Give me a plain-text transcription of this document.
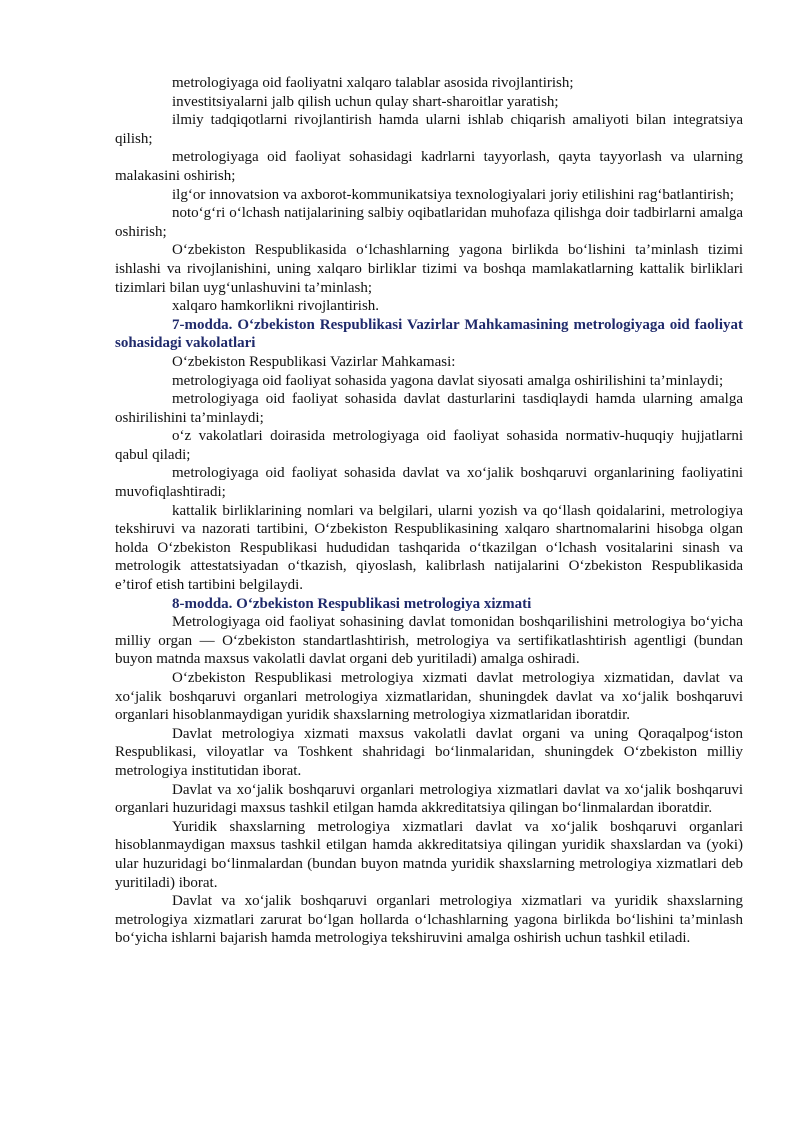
metrologiyaga oid faoliyatni xalqaro talablar asosida rivojlantirish;

investitsiyalarni jalb qilish uchun qulay shart-sharoitlar yaratish;

ilmiy tadqiqotlarni rivojlantirish hamda ularni ishlab chiqarish amaliyoti bilan integratsiya qilish;

metrologiyaga oid faoliyat sohasidagi kadrlarni tayyorlash, qayta tayyorlash va ularning malakasini oshirish;

ilg‘or innovatsion va axborot-kommunikatsiya texnologiyalari joriy etilishini rag‘batlantirish;

noto‘g‘ri o‘lchash natijalarining salbiy oqibatlaridan muhofaza qilishga doir tadbirlarni amalga oshirish;

O‘zbekiston Respublikasida o‘lchashlarning yagona birlikda bo‘lishini ta’minlash tizimi ishlashi va rivojlanishini, uning xalqaro birliklar tizimi va boshqa mamlakatlarning kattalik birliklari tizimlari bilan uyg‘unlashuvini ta’minlash;

xalqaro hamkorlikni rivojlantirish.

7-modda. O‘zbekiston Respublikasi Vazirlar Mahkamasining metrologiyaga oid faoliyat sohasidagi vakolatlari

O‘zbekiston Respublikasi Vazirlar Mahkamasi:

metrologiyaga oid faoliyat sohasida yagona davlat siyosati amalga oshirilishini ta’minlaydi;

metrologiyaga oid faoliyat sohasida davlat dasturlarini tasdiqlaydi hamda ularning amalga oshirilishini ta’minlaydi;

o‘z vakolatlari doirasida metrologiyaga oid faoliyat sohasida normativ-huquqiy hujjatlarni qabul qiladi;

metrologiyaga oid faoliyat sohasida davlat va xo‘jalik boshqaruvi organlarining faoliyatini muvofiqlashtiradi;

kattalik birliklarining nomlari va belgilari, ularni yozish va qo‘llash qoidalarini, metrologiya tekshiruvi va nazorati tartibini, O‘zbekiston Respublikasining xalqaro shartnomalarini hisobga olgan holda O‘zbekiston Respublikasi hududidan tashqarida o‘tkazilgan o‘lchash vositalarini sinash va metrologik attestatsiyadan o‘tkazish, qiyoslash, kalibrlash natijalarini O‘zbekiston Respublikasida e’tirof etish tartibini belgilaydi.

8-modda. O‘zbekiston Respublikasi metrologiya xizmati

Metrologiyaga oid faoliyat sohasining davlat tomonidan boshqarilishini metrologiya bo‘yicha milliy organ — O‘zbekiston standartlashtirish, metrologiya va sertifikatlashtirish agentligi (bundan buyon matnda maxsus vakolatli davlat organi deb yuritiladi) amalga oshiradi.

O‘zbekiston Respublikasi metrologiya xizmati davlat metrologiya xizmatidan, davlat va xo‘jalik boshqaruvi organlari metrologiya xizmatlaridan, shuningdek davlat va xo‘jalik boshqaruvi organlari hisoblanmaydigan yuridik shaxslarning metrologiya xizmatlaridan iboratdir.

Davlat metrologiya xizmati maxsus vakolatli davlat organi va uning Qoraqalpog‘iston Respublikasi, viloyatlar va Toshkent shahridagi bo‘linmalaridan, shuningdek O‘zbekiston milliy metrologiya institutidan iborat.

Davlat va xo‘jalik boshqaruvi organlari metrologiya xizmatlari davlat va xo‘jalik boshqaruvi organlari huzuridagi maxsus tashkil etilgan hamda akkreditatsiya qilingan bo‘linmalardan iboratdir.

Yuridik shaxslarning metrologiya xizmatlari davlat va xo‘jalik boshqaruvi organlari hisoblanmaydigan maxsus tashkil etilgan hamda akkreditatsiya qilingan yuridik shaxslardan va (yoki) ular huzuridagi bo‘linmalardan (bundan buyon matnda yuridik shaxslarning metrologiya xizmatlari deb yuritiladi) iborat.

Davlat va xo‘jalik boshqaruvi organlari metrologiya xizmatlari va yuridik shaxslarning metrologiya xizmatlari zarurat bo‘lgan hollarda o‘lchashlarning yagona birlikda bo‘lishini ta’minlash bo‘yicha ishlarni bajarish hamda metrologiya tekshiruvini amalga oshirish uchun tashkil etiladi.
